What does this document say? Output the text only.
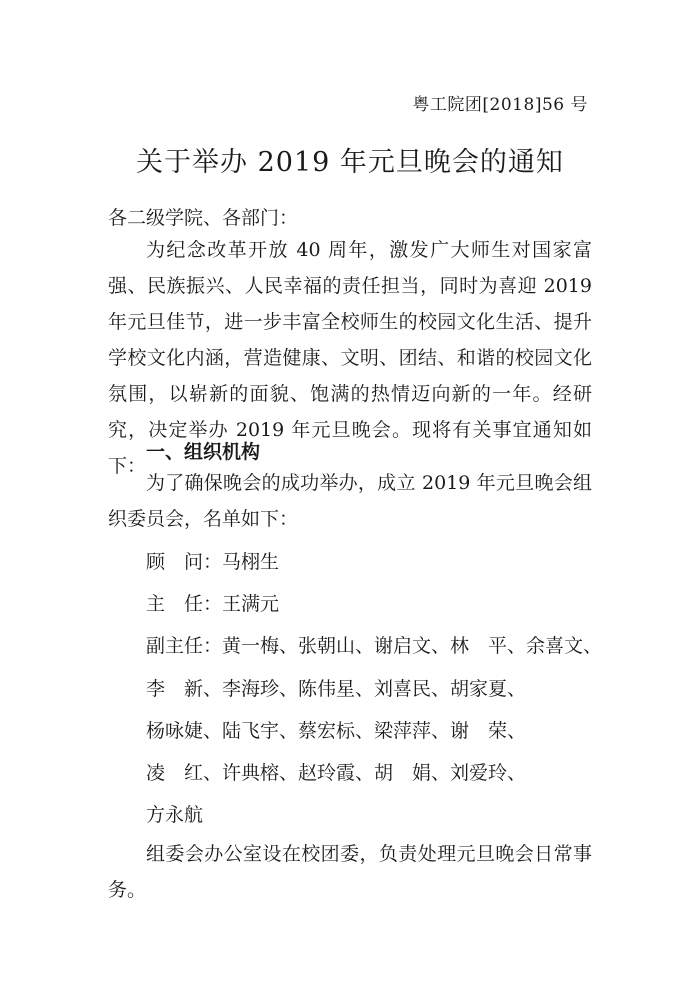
粤工院团[2018]56 号
关于举办 2019 年元旦晚会的通知
各二级学院、各部门：
为纪念改革开放 40 周年，激发广大师生对国家富强、民族振兴、人民幸福的责任担当，同时为喜迎 2019 年元旦佳节，进一步丰富全校师生的校园文化生活、提升学校文化内涵，营造健康、文明、团结、和谐的校园文化氛围，以崭新的面貌、饱满的热情迈向新的一年。经研究，决定举办 2019 年元旦晚会。现将有关事宜通知如下：
一、组织机构
为了确保晚会的成功举办，成立 2019 年元旦晚会组织委员会，名单如下：
顾　问：马栩生
主　任：王满元
副主任：黄一梅、张朝山、谢启文、林　平、余喜文、
李　新、李海珍、陈伟星、刘喜民、胡家夏、
杨咏婕、陆飞宇、蔡宏标、梁萍萍、谢　荣、
凌　红、许典榕、赵玲霞、胡　娟、刘爱玲、
方永航
组委会办公室设在校团委，负责处理元旦晚会日常事务。
